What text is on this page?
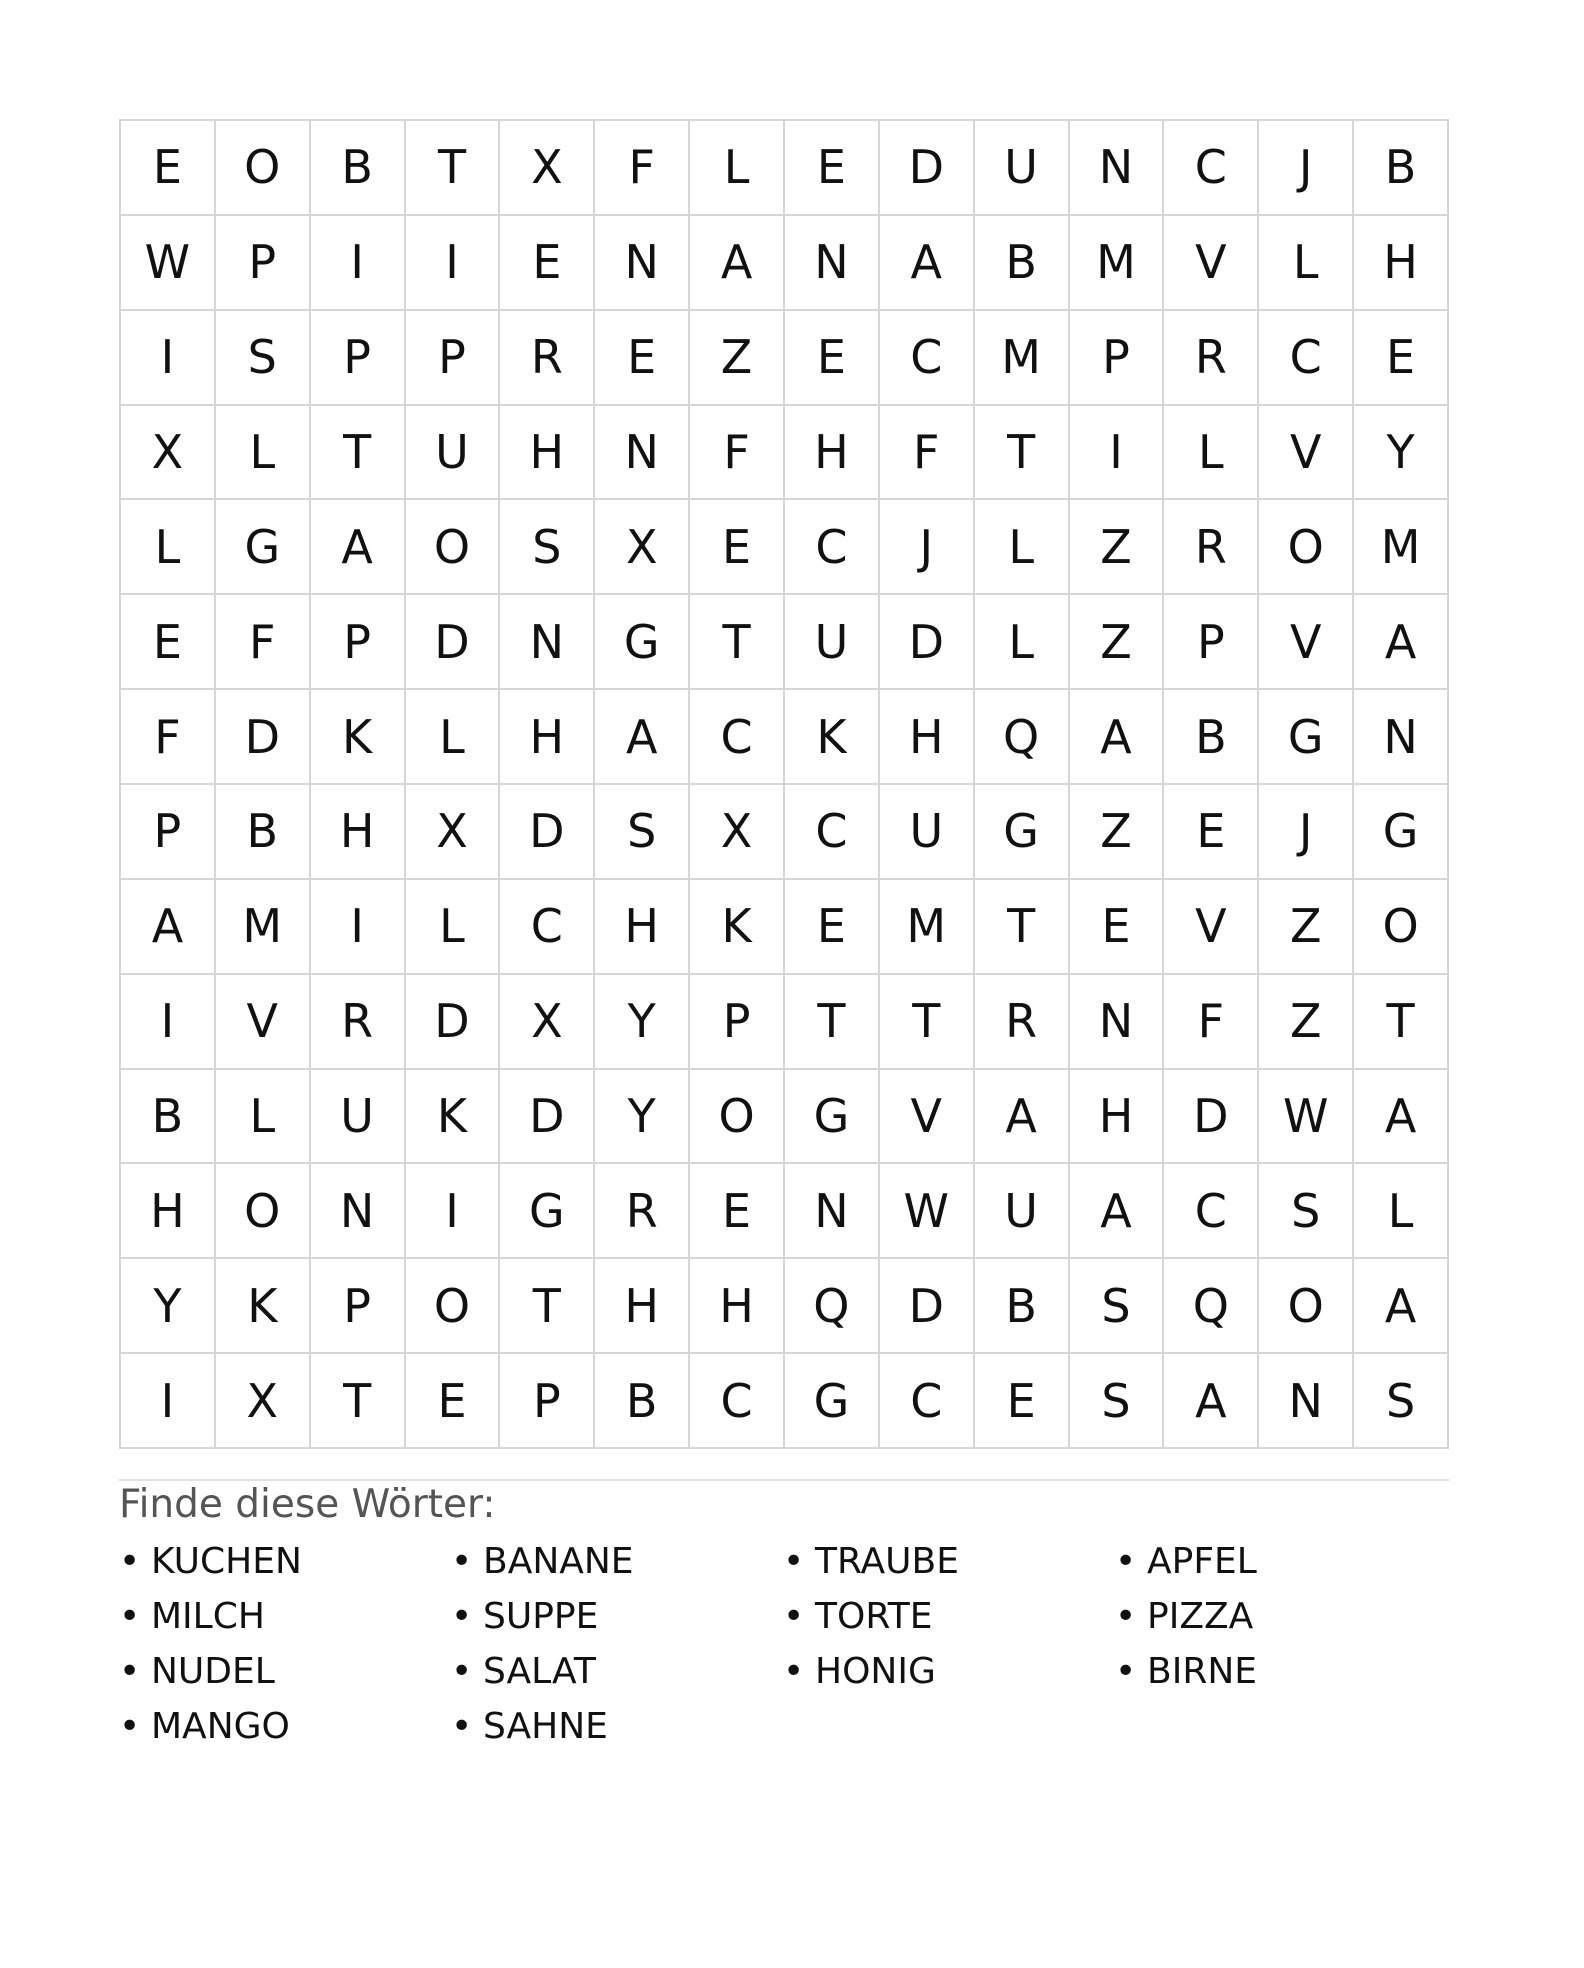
E	O	B	T	X	F	L	E	D	U	N	C	J	B
W	P	I	I	E	N	A	N	A	B	M	V	L	H
I	S	P	P	R	E	Z	E	C	M	P	R	C	E
X	L	T	U	H	N	F	H	F	T	I	L	V	Y
L	G	A	O	S	X	E	C	J	L	Z	R	O	M
E	F	P	D	N	G	T	U	D	L	Z	P	V	A
F	D	K	L	H	A	C	K	H	Q	A	B	G	N
P	B	H	X	D	S	X	C	U	G	Z	E	J	G
A	M	I	L	C	H	K	E	M	T	E	V	Z	O
I	V	R	D	X	Y	P	T	T	R	N	F	Z	T
B	L	U	K	D	Y	O	G	V	A	H	D	W	A
H	O	N	I	G	R	E	N	W	U	A	C	S	L
Y	K	P	O	T	H	H	Q	D	B	S	Q	O	A
I	X	T	E	P	B	C	G	C	E	S	A	N	S
Finde diese Wörter:
• KUCHEN	• BANANE	• TRAUBE	• APFEL
• MILCH	• SUPPE	• TORTE	• PIZZA
• NUDEL	• SALAT	• HONIG	• BIRNE
• MANGO	• SAHNE
